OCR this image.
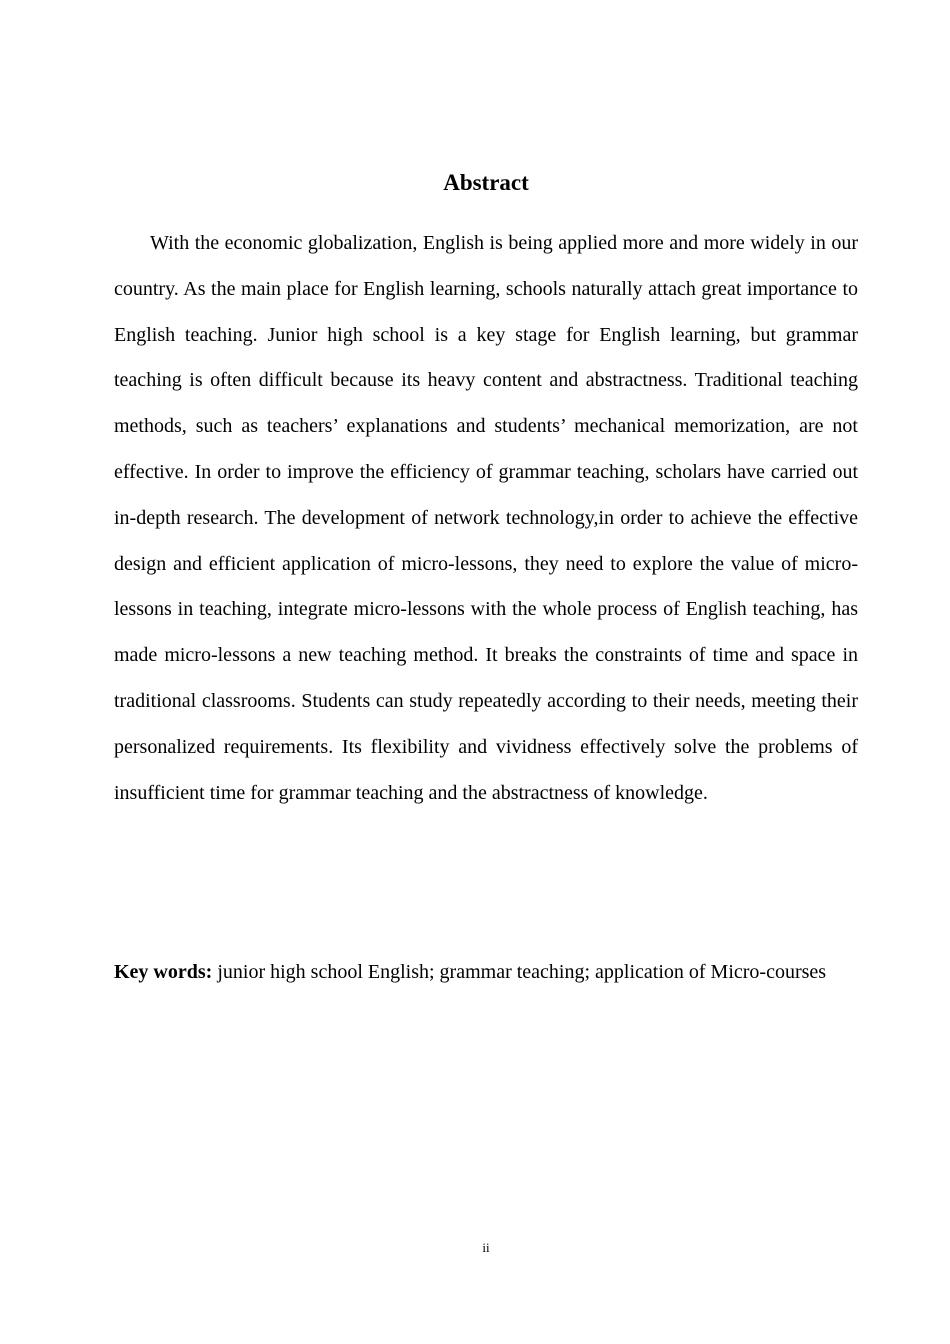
Abstract

With the economic globalization, English is being applied more and more widely in our country. As the main place for English learning, schools naturally attach great importance to English teaching. Junior high school is a key stage for English learning, but grammar teaching is often difficult because its heavy content and abstractness. Traditional teaching methods, such as teachers’ explanations and students’ mechanical memorization, are not effective. In order to improve the efficiency of grammar teaching, scholars have carried out in-depth research. The development of network technology,in order to achieve the effective design and efficient application of micro-lessons, they need to explore the value of micro-lessons in teaching, integrate micro-lessons with the whole process of English teaching, has made micro-lessons a new teaching method. It breaks the constraints of time and space in traditional classrooms. Students can study repeatedly according to their needs, meeting their personalized requirements. Its flexibility and vividness effectively solve the problems of insufficient time for grammar teaching and the abstractness of knowledge.

Key words: junior high school English; grammar teaching; application of Micro-courses

ii
